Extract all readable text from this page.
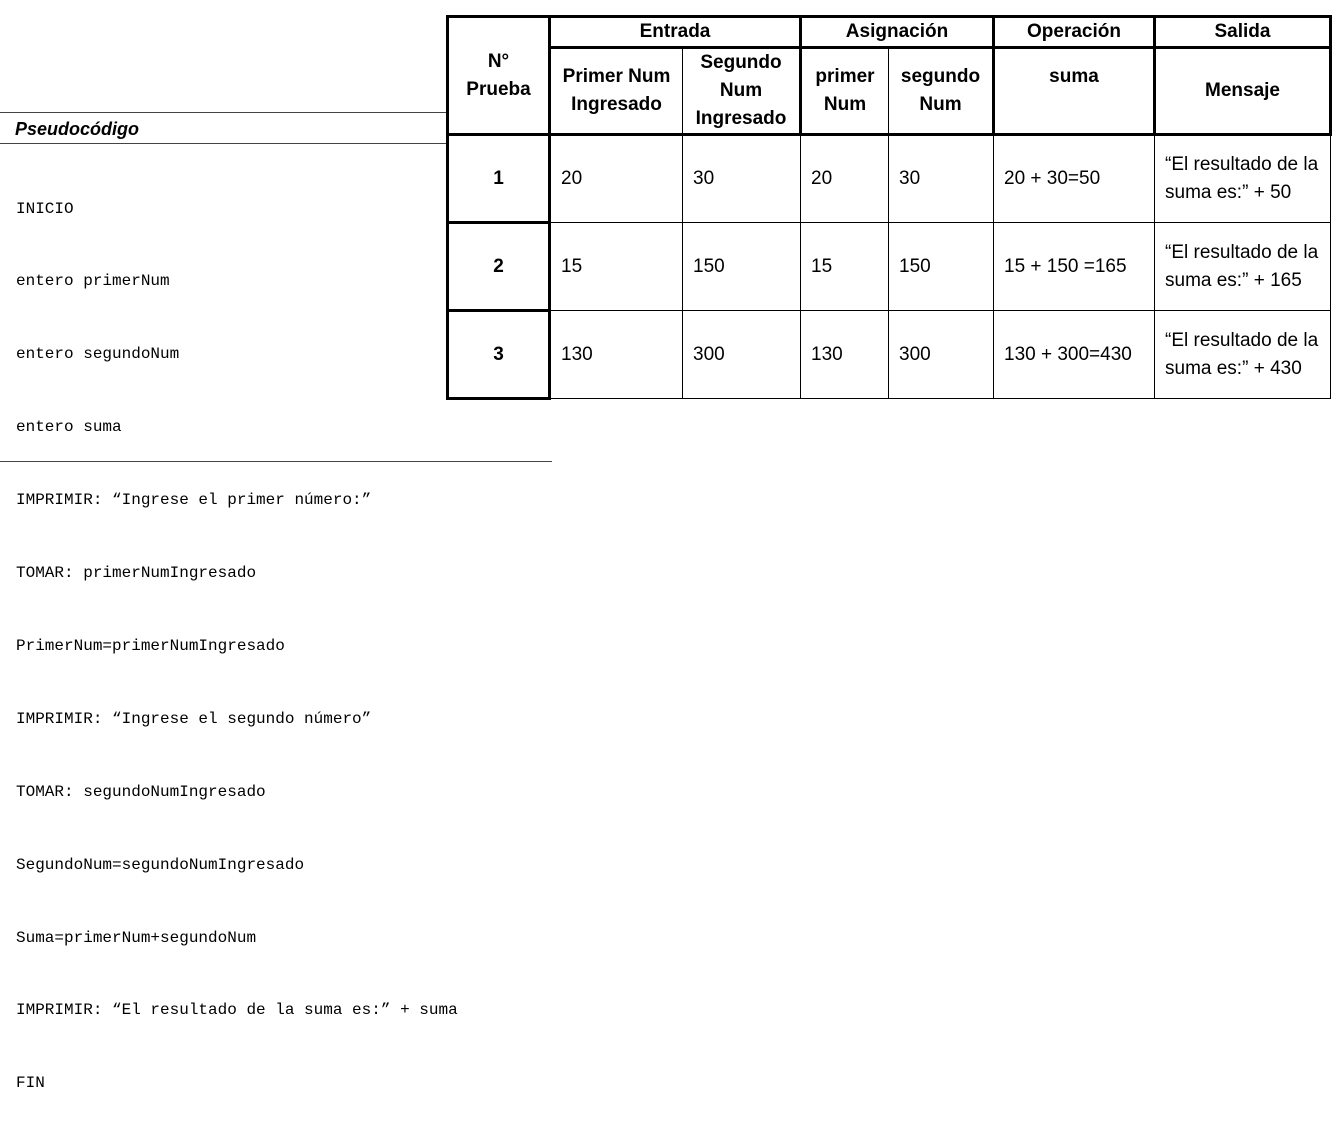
Pseudocódigo

INICIO

entero primerNum

entero segundoNum

entero suma

IMPRIMIR: “Ingrese el primer número:”

TOMAR: primerNumIngresado

PrimerNum=primerNumIngresado

IMPRIMIR: “Ingrese el segundo número”

TOMAR: segundoNumIngresado

SegundoNum=segundoNumIngresado

Suma=primerNum+segundoNum

IMPRIMIR: “El resultado de la suma es:” + suma

FIN

N° Prueba	Entrada		Asignación		Operación	Salida
	Primer Num Ingresado	Segundo Num Ingresado	primer Num	segundo Num	suma	Mensaje
1	20	30	20	30	20 + 30=50	“El resultado de la suma es:” + 50
2	15	150	15	150	15 + 150 =165	“El resultado de la suma es:” + 165
3	130	300	130	300	130 + 300=430	“El resultado de la suma es:” + 430
